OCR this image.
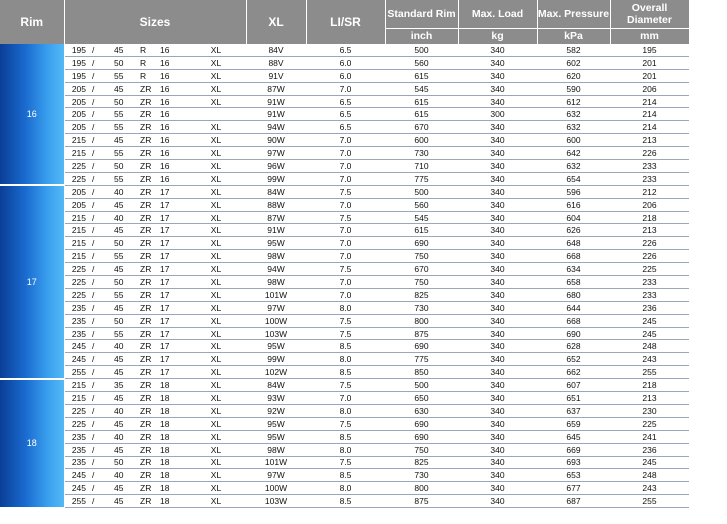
Rim	Sizes						XL	LI/SR	Standard Rim	Max. Load	Max. Pressure	Overall Diameter	Section Width
									inch	kg	kPa	mm	mm
16	195	/	45	R	16	XL	84V	6.5	500	340	582	195	
	195	/	50	R	16	XL	88V	6.0	560	340	602	201	
	195	/	55	R	16	XL	91V	6.0	615	340	620	201	
	205	/	45	ZR	16	XL	87W	7.0	545	340	590	206	
	205	/	50	ZR	16	XL	91W	6.5	615	340	612	214	
	205	/	55	ZR	16		91W	6.5	615	300	632	214	
	205	/	55	ZR	16	XL	94W	6.5	670	340	632	214	
	215	/	45	ZR	16	XL	90W	7.0	600	340	600	213	
	215	/	55	ZR	16	XL	97W	7.0	730	340	642	226	
	225	/	50	ZR	16	XL	96W	7.0	710	340	632	233	
	225	/	55	ZR	16	XL	99W	7.0	775	340	654	233	
17	205	/	40	ZR	17	XL	84W	7.5	500	340	596	212	
	205	/	45	ZR	17	XL	88W	7.0	560	340	616	206	
	215	/	40	ZR	17	XL	87W	7.5	545	340	604	218	
	215	/	45	ZR	17	XL	91W	7.0	615	340	626	213	
	215	/	50	ZR	17	XL	95W	7.0	690	340	648	226	
	215	/	55	ZR	17	XL	98W	7.0	750	340	668	226	
	225	/	45	ZR	17	XL	94W	7.5	670	340	634	225	
	225	/	50	ZR	17	XL	98W	7.0	750	340	658	233	
	225	/	55	ZR	17	XL	101W	7.0	825	340	680	233	
	235	/	45	ZR	17	XL	97W	8.0	730	340	644	236	
	235	/	50	ZR	17	XL	100W	7.5	800	340	668	245	
	235	/	55	ZR	17	XL	103W	7.5	875	340	690	245	
	245	/	40	ZR	17	XL	95W	8.5	690	340	628	248	
	245	/	45	ZR	17	XL	99W	8.0	775	340	652	243	
	255	/	45	ZR	17	XL	102W	8.5	850	340	662	255	
18	215	/	35	ZR	18	XL	84W	7.5	500	340	607	218	
	215	/	45	ZR	18	XL	93W	7.0	650	340	651	213	
	225	/	40	ZR	18	XL	92W	8.0	630	340	637	230	
	225	/	45	ZR	18	XL	95W	7.5	690	340	659	225	
	235	/	40	ZR	18	XL	95W	8.5	690	340	645	241	
	235	/	45	ZR	18	XL	98W	8.0	750	340	669	236	
	235	/	50	ZR	18	XL	101W	7.5	825	340	693	245	
	245	/	40	ZR	18	XL	97W	8.5	730	340	653	248	
	245	/	45	ZR	18	XL	100W	8.0	800	340	677	243	
	255	/	45	ZR	18	XL	103W	8.5	875	340	687	255	
